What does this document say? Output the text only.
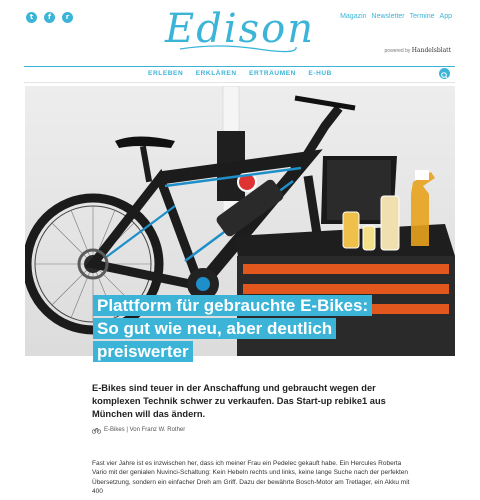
t	f	r	Edison	Magazin Newsletter Termine App
powered by Handelsblatt
ERLEBEN ERKLÄREN ERTRÄUMEN E-HUB
Plattform für gebrauchte E-Bikes: So gut wie neu, aber deutlich preiswerter
E-Bikes sind teuer in der Anschaffung und gebraucht wegen der komplexen Technik schwer zu verkaufen. Das Start-up rebike1 aus München will das ändern.
E-Bikes | Von Franz W. Rother
Fast vier Jahre ist es inzwischen her, dass ich meiner Frau ein Pedelec gekauft habe. Ein Hercules Roberta Vario mit der genialen Nuvinci-Schaltung: Kein Hebeln rechts und links, keine lange Suche nach der perfekten Übersetzung, sondern ein einfacher Dreh am Griff. Dazu der bewährte Bosch-Motor am Tretlager, ein Akku mit 400
